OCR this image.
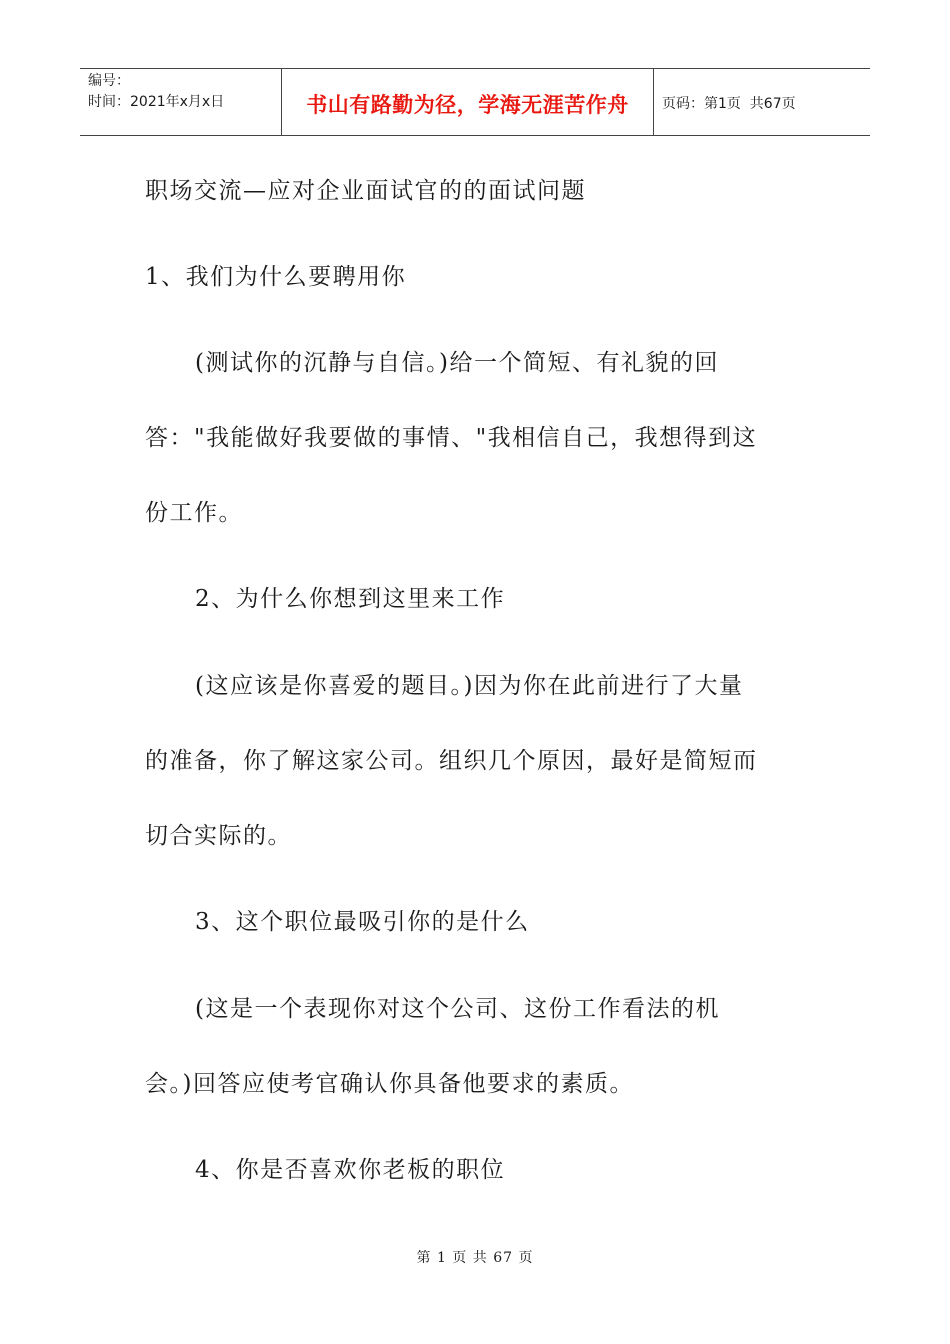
编号：
时间：2021年x月x日	书山有路勤为径，学海无涯苦作舟 页码：第1页  共67页
职场交流—应对企业面试官的的面试问题
1、我们为什么要聘用你
(测试你的沉静与自信。)给一个简短、有礼貌的回
答："我能做好我要做的事情、"我相信自己，我想得到这
份工作。
2、为什么你想到这里来工作
(这应该是你喜爱的题目。)因为你在此前进行了大量
的准备，你了解这家公司。组织几个原因，最好是简短而
切合实际的。
3、这个职位最吸引你的是什么
(这是一个表现你对这个公司、这份工作看法的机
会。)回答应使考官确认你具备他要求的素质。
4、你是否喜欢你老板的职位
第 1 页 共 67 页
